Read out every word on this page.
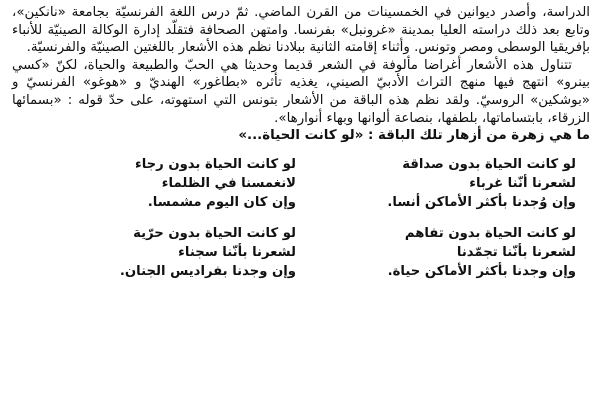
الدراسة، وأصدر ديوانين في الخمسينات من القرن الماضي. ثمّ درس اللغة الفرنسيّة بجامعة «نانكين»، وتابع بعد ذلك دراسته العليا بمدينة «غرونبل» بفرنسا. وامتهن الصحافة فتقلّد إدارة الوكالة الصينيّة للأنباء بإفريقيا الوسطى ومصر وتونس. وأثناء إقامته الثانية ببلادنا نظم هذه الأشعار باللغتين الصينيّة والفرنسيّة.

تتناول هذه الأشعار أغراضا مألوفة في الشعر قديما وحديثا هي الحبّ والطبيعة والحياة، لكنّ «كسي بينرو» انتهج فيها منهج التراث الأدبيّ الصيني، يغذيه تأثره «بطاغور» الهنديّ و «هوغو» الفرنسيّ و «بوشكين» الروسيّ. ولقد نظم هذه الباقة من الأشعار بتونس التي استهوته، على حدّ قوله : «بسمائها الزرقاء، بابتساماتها، بلطفها، بنصاعة ألوانها وبهاء أنوارها».

ما هي زهرة من أزهار تلك الباقة : «لو كانت الحياة...»
لو كانت الحياة بدون صداقة
لشعرنا أنّنا غرباء
وإن وُجدنا بأكثر الأماكن أنسا.
لو كانت الحياة بدون رجاء
لانغمسنا في الظلماء
وإن كان اليوم مشمسا.
لو كانت الحياة بدون تفاهم
لشعرنا بأنّنا تجمّدنا
وإن وجدنا بأكثر الأماكن حياة.
لو كانت الحياة بدون حرّية
لشعرنا بأنّنا سجناء
وإن وجدنا بفراديس الجنان.
